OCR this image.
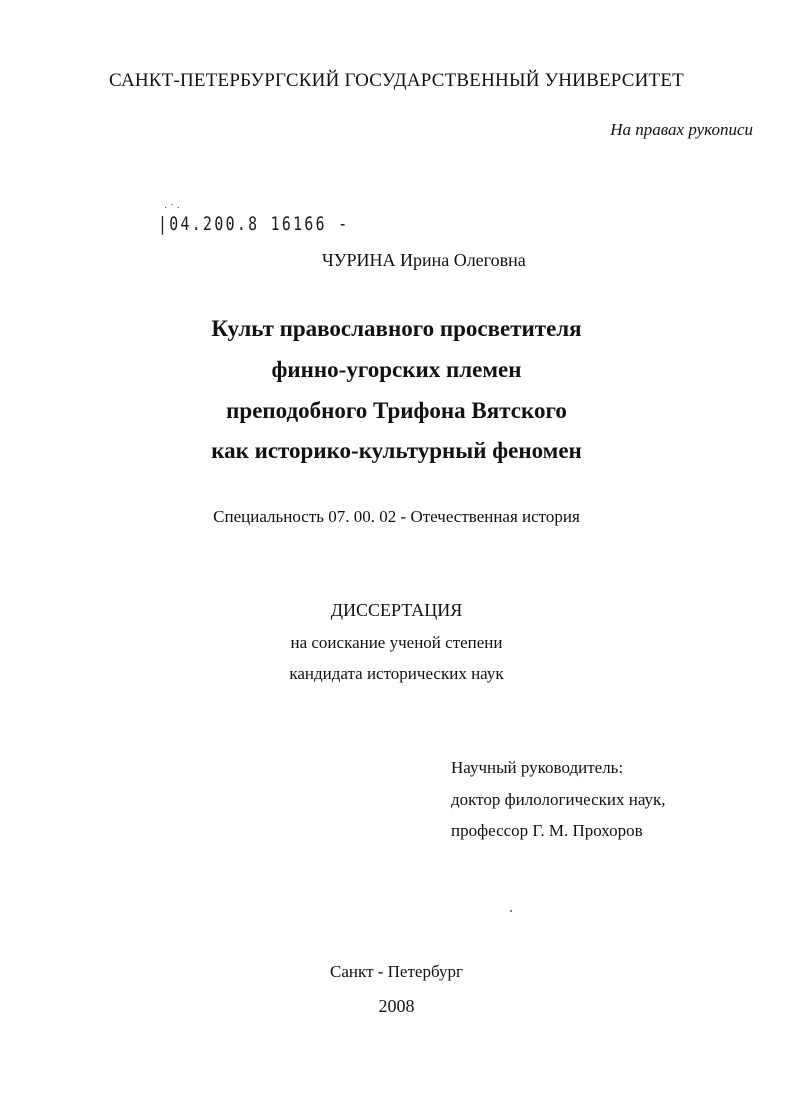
САНКТ-ПЕТЕРБУРГСКИЙ ГОСУДАРСТВЕННЫЙ УНИВЕРСИТЕТ
На правах рукописи
·˙·
|04.200.8 16166 -
ЧУРИНА Ирина Олеговна
Культ православного просветителя
финно-угорских племен
преподобного Трифона Вятского
как историко-культурный феномен
Специальность 07. 00. 02 - Отечественная история
ДИССЕРТАЦИЯ
на соискание ученой степени
кандидата исторических наук
Научный руководитель:
доктор филологических наук,
профессор Г. М. Прохоров
Санкт - Петербург
2008
